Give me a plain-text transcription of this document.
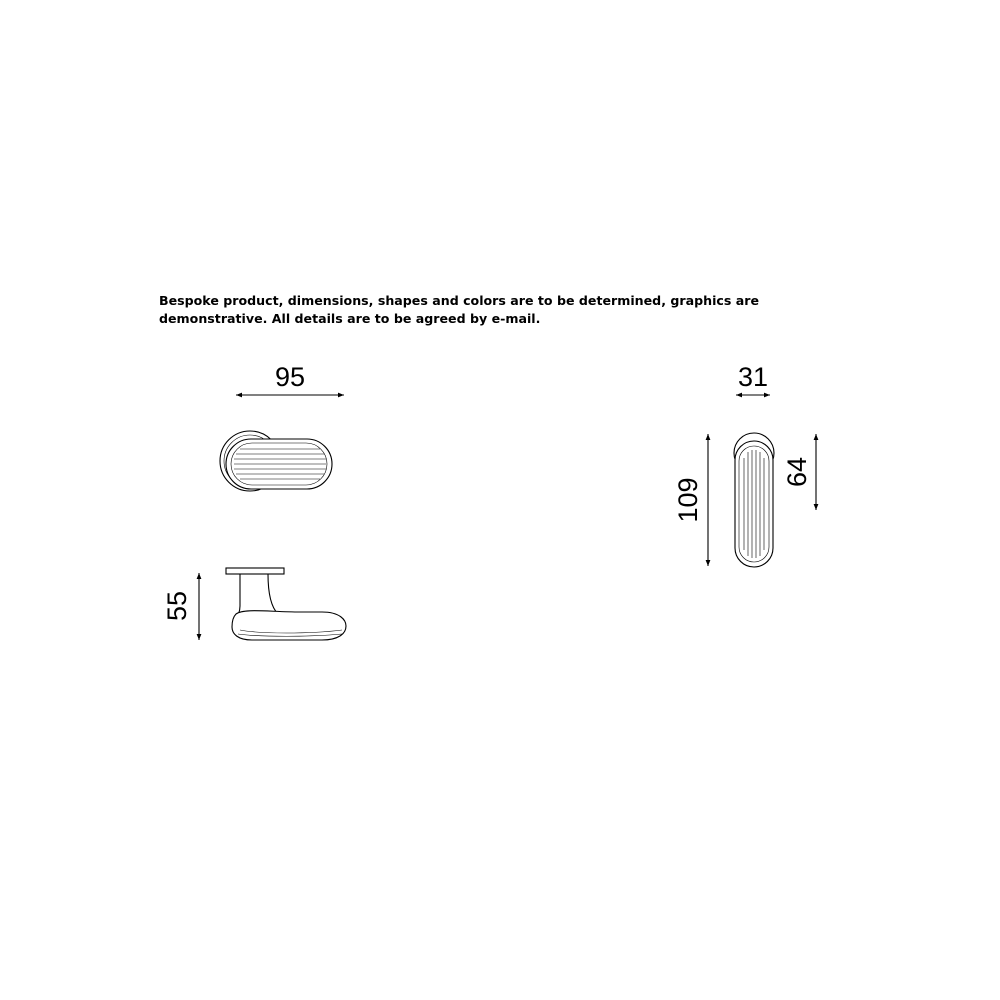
Bespoke product, dimensions, shapes and colors are to be determined, graphics are
demonstrative. All details are to be agreed by e-mail.
95
55
31
109
64
